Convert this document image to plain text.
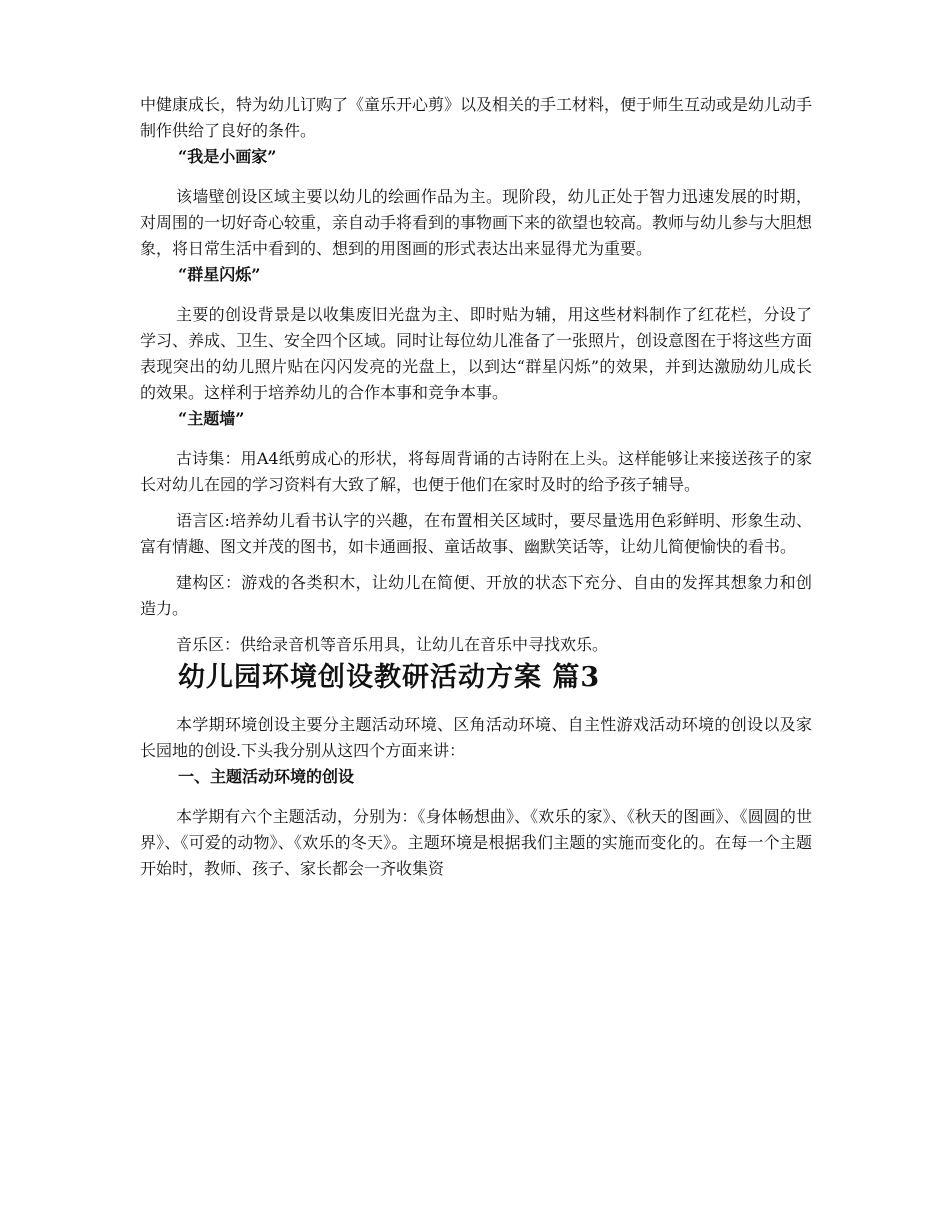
中健康成长，特为幼儿订购了《童乐开心剪》以及相关的手工材料，便于师生互动或是幼儿动手制作供给了良好的条件。

“我是小画家”

该墙壁创设区域主要以幼儿的绘画作品为主。现阶段，幼儿正处于智力迅速发展的时期，对周围的一切好奇心较重，亲自动手将看到的事物画下来的欲望也较高。教师与幼儿参与大胆想象，将日常生活中看到的、想到的用图画的形式表达出来显得尤为重要。

“群星闪烁”

主要的创设背景是以收集废旧光盘为主、即时贴为辅，用这些材料制作了红花栏，分设了学习、养成、卫生、安全四个区域。同时让每位幼儿准备了一张照片，创设意图在于将这些方面表现突出的幼儿照片贴在闪闪发亮的光盘上，以到达“群星闪烁”的效果，并到达激励幼儿成长的效果。这样利于培养幼儿的合作本事和竞争本事。

“主题墙”

古诗集：用A4纸剪成心的形状，将每周背诵的古诗附在上头。这样能够让来接送孩子的家长对幼儿在园的学习资料有大致了解，也便于他们在家时及时的给予孩子辅导。

语言区:培养幼儿看书认字的兴趣，在布置相关区域时，要尽量选用色彩鲜明、形象生动、富有情趣、图文并茂的图书，如卡通画报、童话故事、幽默笑话等，让幼儿简便愉快的看书。

建构区：游戏的各类积木，让幼儿在简便、开放的状态下充分、自由的发挥其想象力和创造力。

音乐区：供给录音机等音乐用具，让幼儿在音乐中寻找欢乐。

幼儿园环境创设教研活动方案 篇3

本学期环境创设主要分主题活动环境、区角活动环境、自主性游戏活动环境的创设以及家长园地的创设.下头我分别从这四个方面来讲：

一、主题活动环境的创设

本学期有六个主题活动，分别为：《身体畅想曲》、《欢乐的家》、《秋天的图画》、《圆圆的世界》、《可爱的动物》、《欢乐的冬天》。主题环境是根据我们主题的实施而变化的。在每一个主题开始时，教师、孩子、家长都会一齐收集资
